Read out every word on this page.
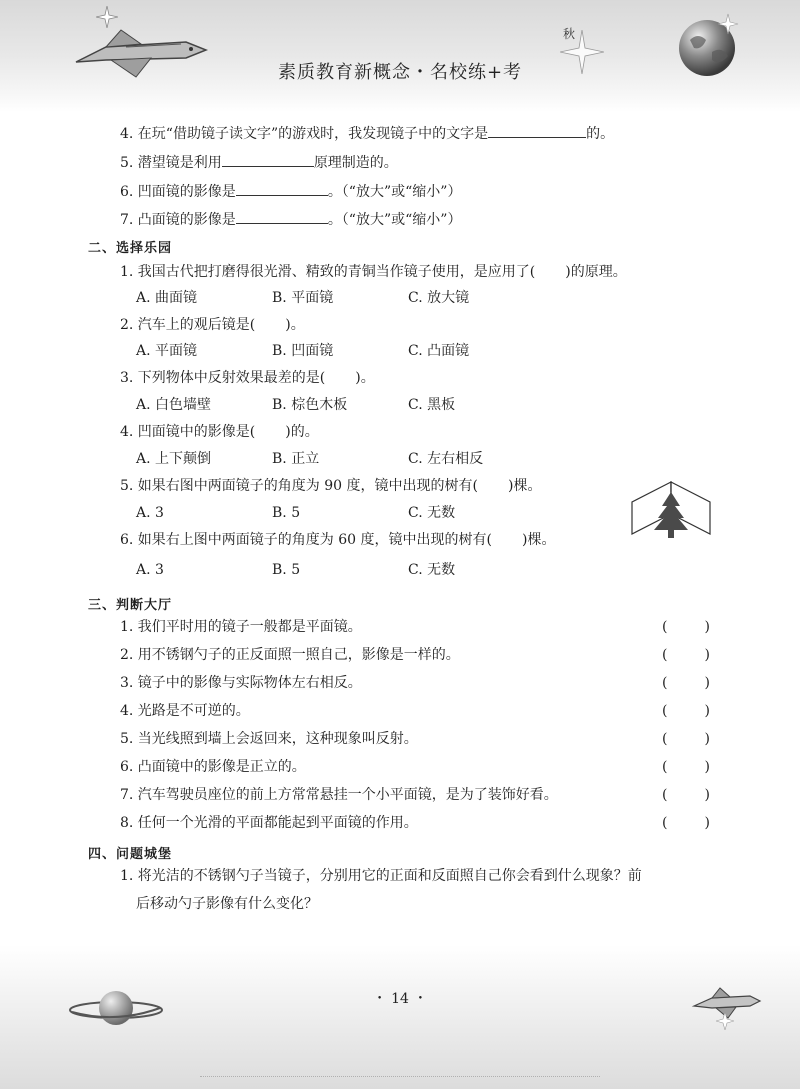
秋
素质教育新概念・名校练+考
4. 在玩“借助镜子读文字”的游戏时，我发现镜子中的文字是	的。
5. 潜望镜是利用	原理制造的。
6. 凹面镜的影像是	。（“放大”或“缩小”）
7. 凸面镜的影像是	。（“放大”或“缩小”）
二、选择乐园
1. 我国古代把打磨得很光滑、精致的青铜当作镜子使用，是应用了( )的原理。
A. 曲面镜	B. 平面镜	C. 放大镜
2. 汽车上的观后镜是( )。
A. 平面镜	B. 凹面镜	C. 凸面镜
3. 下列物体中反射效果最差的是( )。
A. 白色墙壁	B. 棕色木板	C. 黑板
4. 凹面镜中的影像是( )的。
A. 上下颠倒	B. 正立	C. 左右相反
5. 如果右图中两面镜子的角度为 90 度，镜中出现的树有( )棵。
A. 3	B. 5	C. 无数
6. 如果右上图中两面镜子的角度为 60 度，镜中出现的树有( )棵。
A. 3	B. 5	C. 无数
三、判断大厅
1. 我们平时用的镜子一般都是平面镜。	(	)
2. 用不锈钢勺子的正反面照一照自己，影像是一样的。	(	)
3. 镜子中的影像与实际物体左右相反。	(	)
4. 光路是不可逆的。	(	)
5. 当光线照到墙上会返回来，这种现象叫反射。	(	)
6. 凸面镜中的影像是正立的。	(	)
7. 汽车驾驶员座位的前上方常常悬挂一个小平面镜，是为了装饰好看。	(	)
8. 任何一个光滑的平面都能起到平面镜的作用。	(	)
四、问题城堡
1. 将光洁的不锈钢勺子当镜子，分别用它的正面和反面照自己你会看到什么现象？前
后移动勺子影像有什么变化？
・ 14 ・
